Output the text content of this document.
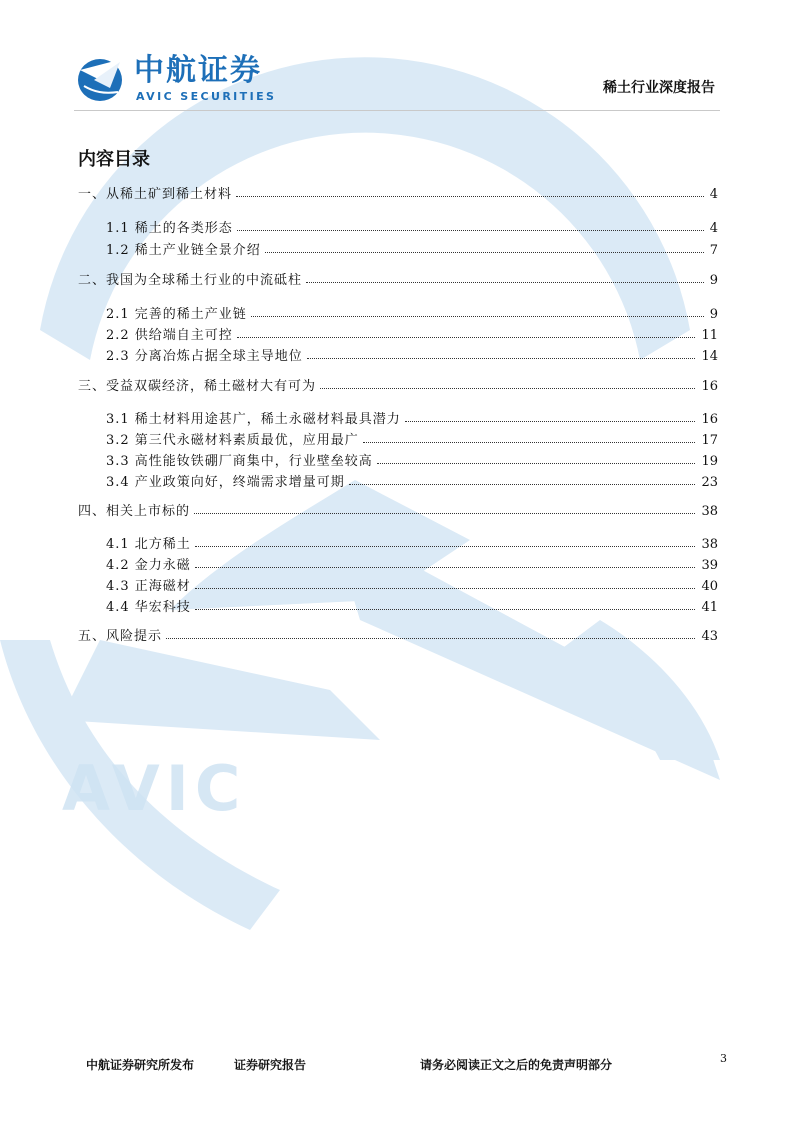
AVIC
中航证券
AVIC SECURITIES
稀土行业深度报告
内容目录
一、从稀土矿到稀土材料	4
1.1 稀土的各类形态	4
1.2 稀土产业链全景介绍	7
二、我国为全球稀土行业的中流砥柱	9
2.1 完善的稀土产业链	9
2.2 供给端自主可控	11
2.3 分离冶炼占据全球主导地位	14
三、受益双碳经济，稀土磁材大有可为	16
3.1 稀土材料用途甚广，稀土永磁材料最具潜力	16
3.2 第三代永磁材料素质最优，应用最广	17
3.3 高性能钕铁硼厂商集中，行业壁垒较高	19
3.4 产业政策向好，终端需求增量可期	23
四、相关上市标的	38
4.1 北方稀土	38
4.2 金力永磁	39
4.3 正海磁材	40
4.4 华宏科技	41
五、风险提示	43
中航证券研究所发布	证券研究报告	请务必阅读正文之后的免责声明部分	3
